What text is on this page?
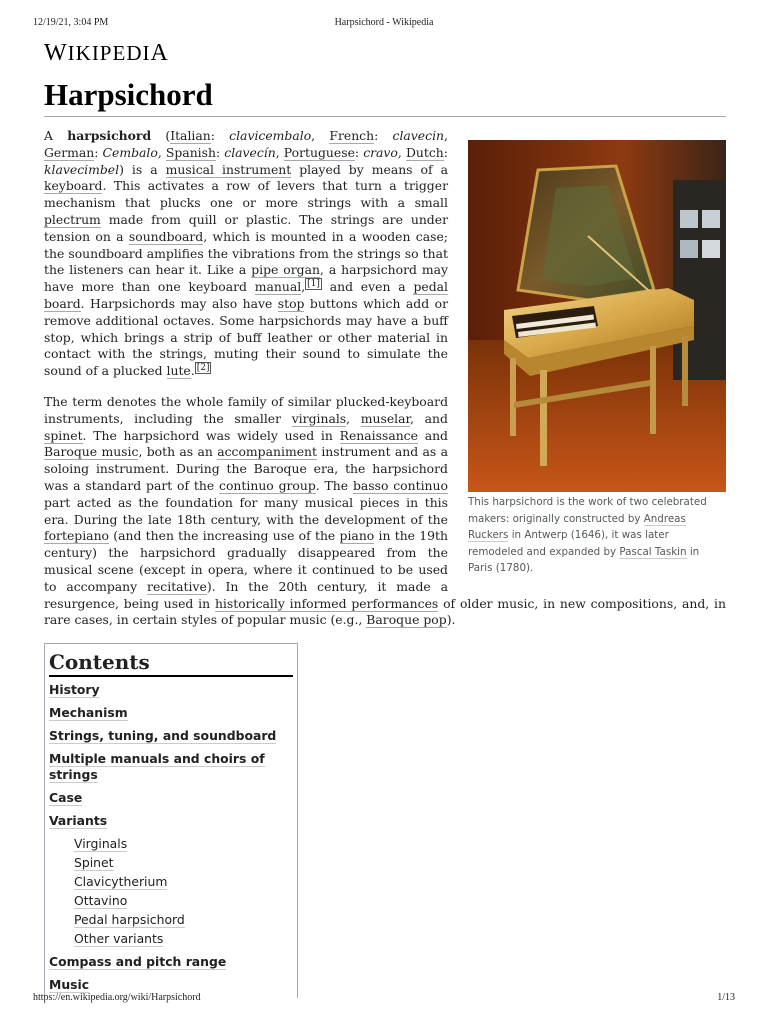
12/19/21, 3:04 PM	Harpsichord - Wikipedia
WIKIPEDIA
Harpsichord
This harpsichord is the work of two celebrated makers: originally constructed by Andreas Ruckers in Antwerp (1646), it was later remodeled and expanded by Pascal Taskin in Paris (1780).

A harpsichord (Italian: clavicembalo, French: clavecin, German: Cembalo, Spanish: clavecín, Portuguese: cravo, Dutch: klavecimbel) is a musical instrument played by means of a keyboard. This activates a row of levers that turn a trigger mechanism that plucks one or more strings with a small plectrum made from quill or plastic. The strings are under tension on a soundboard, which is mounted in a wooden case; the soundboard amplifies the vibrations from the strings so that the listeners can hear it. Like a pipe organ, a harpsichord may have more than one keyboard manual, [1] and even a pedal board. Harpsichords may also have stop buttons which add or remove additional octaves. Some harpsichords may have a buff stop, which brings a strip of buff leather or other material in contact with the strings, muting their sound to simulate the sound of a plucked lute. [2]

The term denotes the whole family of similar plucked-keyboard instruments, including the smaller virginals, muselar, and spinet. The harpsichord was widely used in Renaissance and Baroque music, both as an accompaniment instrument and as a soloing instrument. During the Baroque era, the harpsichord was a standard part of the continuo group. The basso continuo part acted as the foundation for many musical pieces in this era. During the late 18th century, with the development of the fortepiano (and then the increasing use of the piano in the 19th century) the harpsichord gradually disappeared from the musical scene (except in opera, where it continued to be used to accompany recitative). In the 20th century, it made a resurgence, being used in historically informed performances of older music, in new compositions, and, in rare cases, in certain styles of popular music (e.g., Baroque pop).

Contents
History
Mechanism
Strings, tuning, and soundboard
Multiple manuals and choirs of strings
Case
Variants
Virginals
Spinet
Clavicytherium
Ottavino
Pedal harpsichord
Other variants
Compass and pitch range
Music
https://en.wikipedia.org/wiki/Harpsichord	1/13
